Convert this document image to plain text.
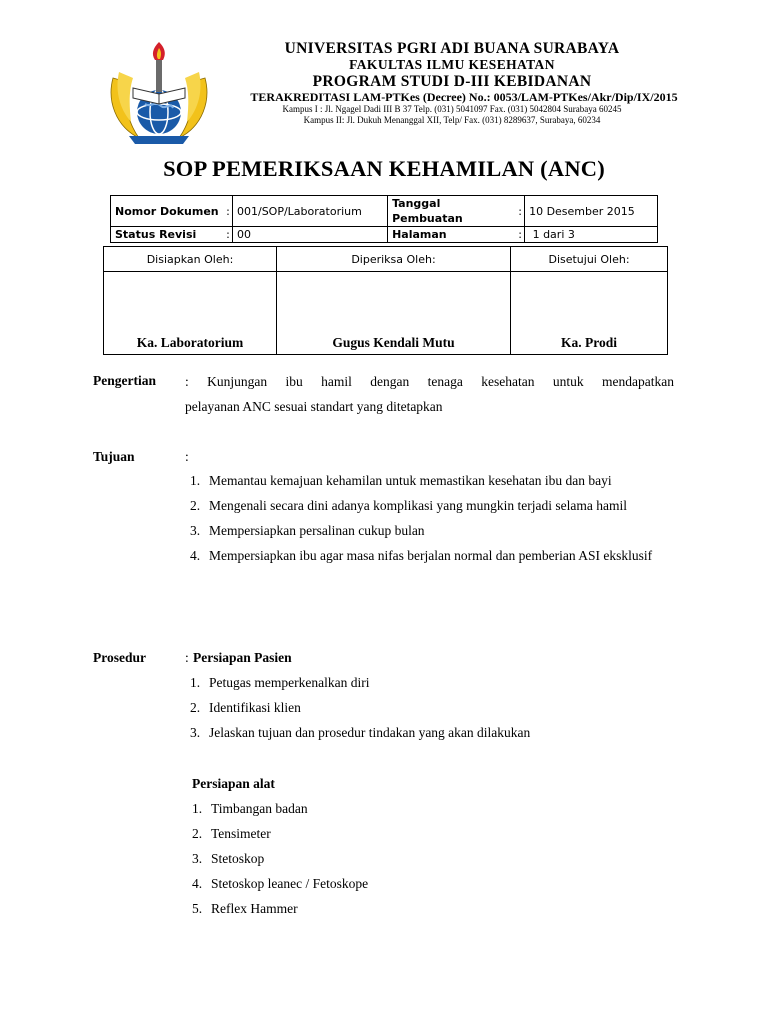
UNIVERSITAS PGRI ADI BUANA SURABAYA
FAKULTAS ILMU KESEHATAN
PROGRAM STUDI D-III KEBIDANAN
TERAKREDITASI LAM-PTKes (Decree) No.: 0053/LAM-PTKes/Akr/Dip/IX/2015
Kampus I : Jl. Ngagel Dadi III B 37 Telp. (031) 5041097 Fax. (031) 5042804 Surabaya 60245
Kampus II: Jl. Dukuh Menanggal XII, Telp/ Fax. (031) 8289637, Surabaya, 60234
SOP PEMERIKSAAN KEHAMILAN (ANC)
Nomor Dokumen	:	001/SOP/Laboratorium	Tanggal Pembuatan	:	10 Desember 2015
Status Revisi	:	00	Halaman	:	1 dari 3
Disiapkan Oleh:	Diperiksa Oleh:	Disetujui Oleh:
Ka. Laboratorium	Gugus Kendali Mutu	Ka. Prodi
Pengertian : Kunjungan ibu hamil dengan tenaga kesehatan untuk mendapatkan
pelayanan ANC sesuai standart yang ditetapkan
Tujuan	:
1. Memantau kemajuan kehamilan untuk memastikan kesehatan ibu dan bayi
2. Mengenali secara dini adanya komplikasi yang mungkin terjadi selama hamil
3. Mempersiapkan persalinan cukup bulan
4. Mempersiapkan ibu agar masa nifas berjalan normal dan pemberian ASI eksklusif
Prosedur	: Persiapan Pasien
1. Petugas memperkenalkan diri
2. Identifikasi klien
3. Jelaskan tujuan dan prosedur tindakan yang akan dilakukan
Persiapan alat
1. Timbangan badan
2. Tensimeter
3. Stetoskop
4. Stetoskop leanec / Fetoskope
5. Reflex Hammer
